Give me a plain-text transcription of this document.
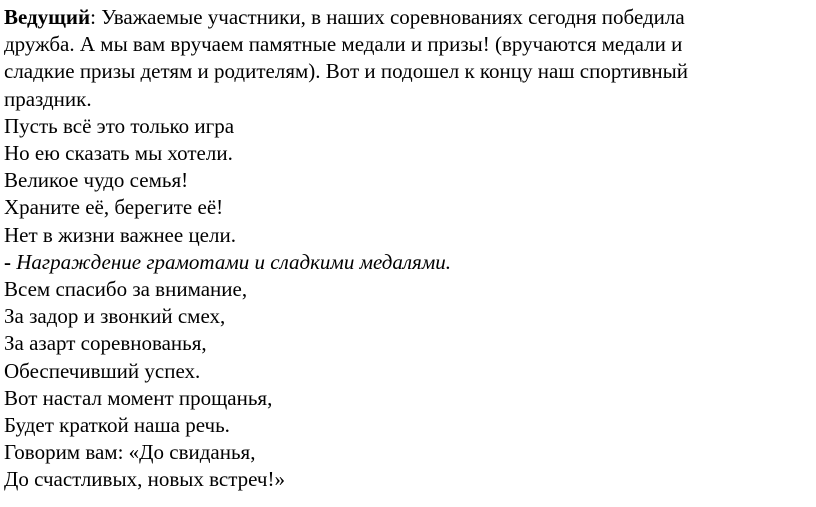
Ведущий: Уважаемые участники, в наших соревнованиях сегодня победила
дружба. А мы вам вручаем памятные медали и призы! (вручаются медали и
сладкие призы детям и родителям). Вот и подошел к концу наш спортивный
праздник.
Пусть всё это только игра
Но ею сказать мы хотели.
Великое чудо семья!
Храните её, берегите её!
Нет в жизни важнее цели.
- Награждение грамотами и сладкими медалями.
Всем спасибо за внимание,
За задор и звонкий смех,
За азарт соревнованья,
Обеспечивший успех.
Вот настал момент прощанья,
Будет краткой наша речь.
Говорим вам: «До свиданья,
До счастливых, новых встреч!»
